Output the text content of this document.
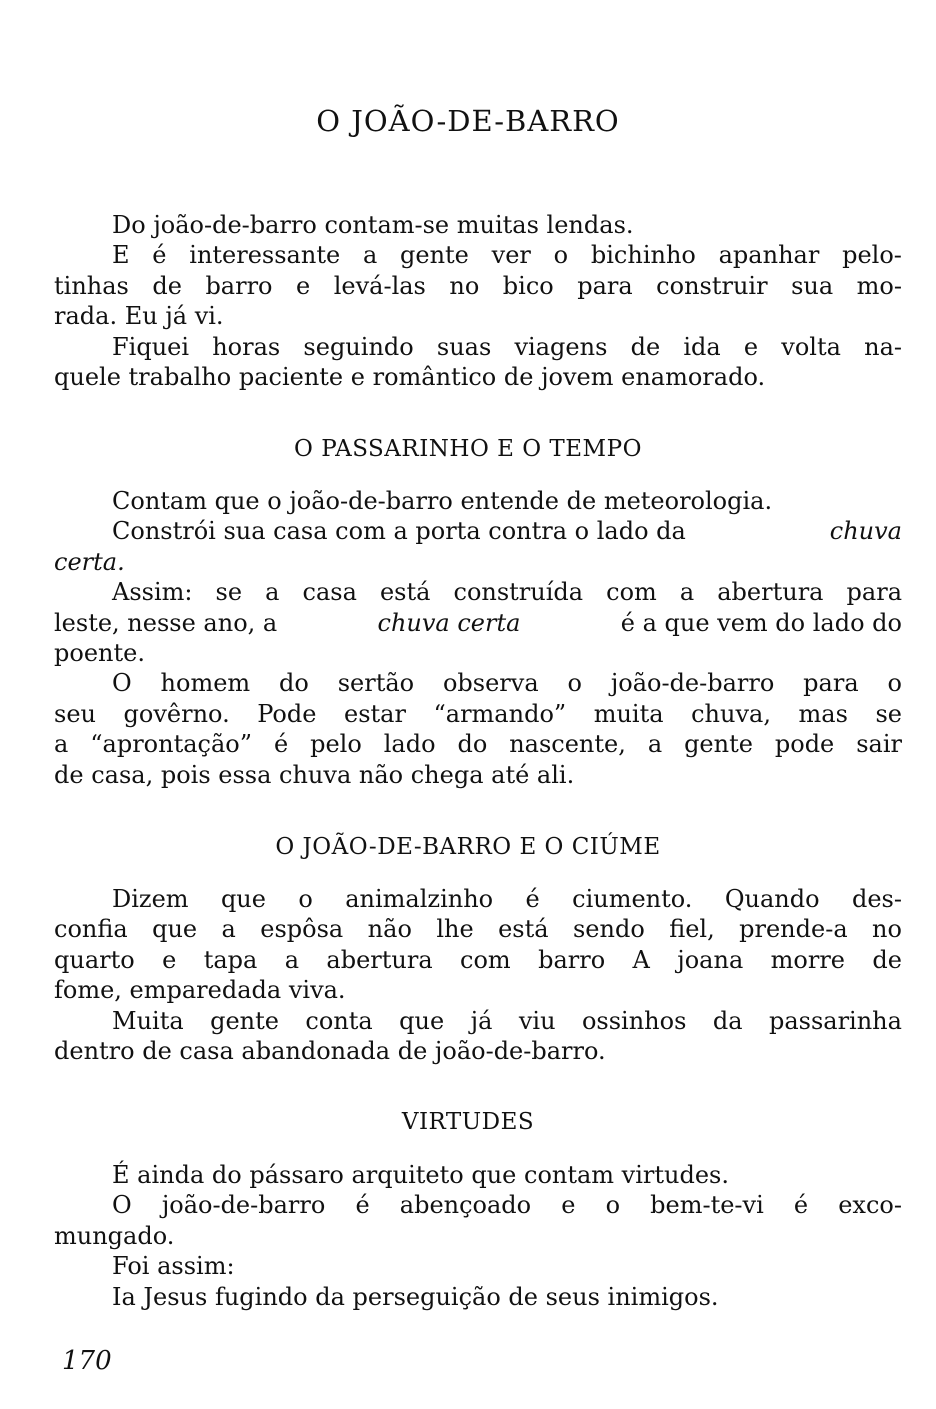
O JOÃO-DE-BARRO
Do joão-de-barro contam-se muitas lendas.
E é interessante a gente ver o bichinho apanhar pelo-
tinhas de barro e levá-las no bico para construir sua mo-
rada. Eu já vi.
Fiquei horas seguindo suas viagens de ida e volta na-
quele trabalho paciente e romântico de jovem enamorado.
O PASSARINHO E O TEMPO
Contam que o joão-de-barro entende de meteorologia.
Constrói sua casa com a porta contra o lado da	chuva
certa.
Assim: se a casa está construída com a abertura para
leste, nesse ano, a	chuva certa	é a que vem do lado do
poente.
O homem do sertão observa o joão-de-barro para o
seu govêrno. Pode estar “armando” muita chuva, mas se
a “aprontação” é pelo lado do nascente, a gente pode sair
de casa, pois essa chuva não chega até ali.
O JOÃO-DE-BARRO E O CIÚME
Dizem que o animalzinho é ciumento. Quando des-
confia que a espôsa não lhe está sendo fiel, prende-a no
quarto e tapa a abertura com barro A joana morre de
fome, emparedada viva.
Muita gente conta que já viu ossinhos da passarinha
dentro de casa abandonada de joão-de-barro.
VIRTUDES
É ainda do pássaro arquiteto que contam virtudes.
O joão-de-barro é abençoado e o bem-te-vi é exco-
mungado.
Foi assim:
Ia Jesus fugindo da perseguição de seus inimigos.
170
